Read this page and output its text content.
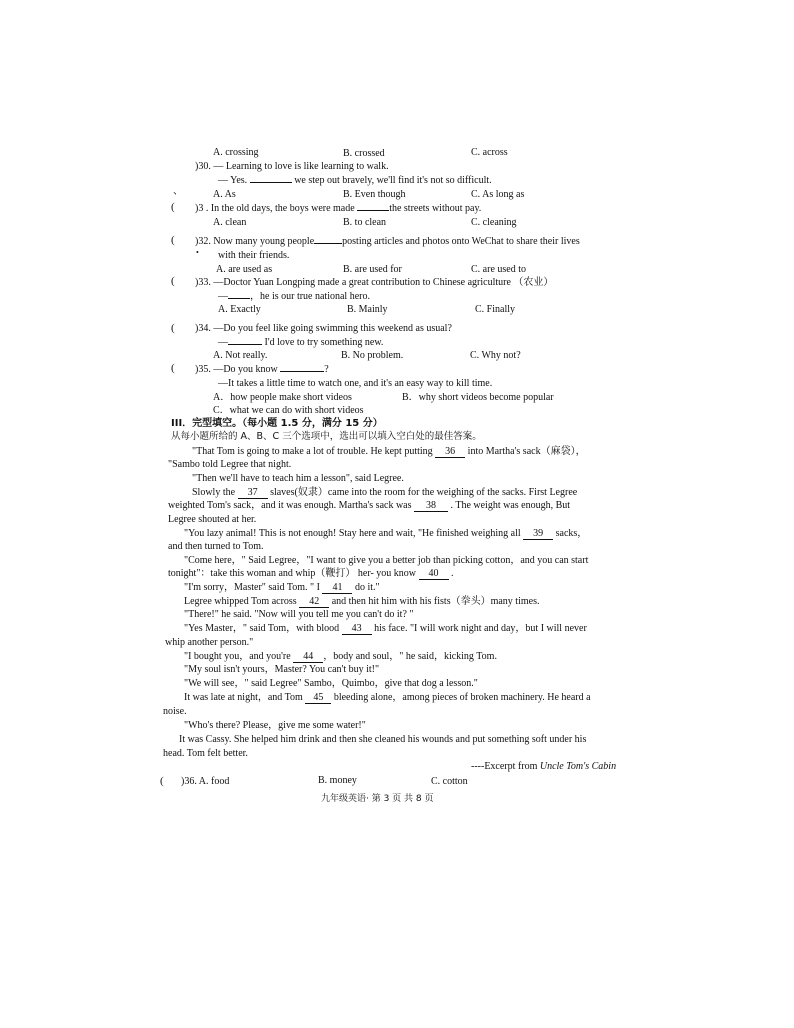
A. crossing	B. crossed	C. across
)30. — Learning to love is like learning to walk.
— Yes.	we step out bravely, we'll find it's not so difficult.
、	A. As	B. Even though	C. As long as
( )3 . In the old days, the boys were made	the streets without pay.
A. clean	B. to clean	C. cleaning
( )32. Now many young people	posting articles and photos onto WeChat to share their lives
• with their friends.
A. are used as	B. are used for	C. are used to
( )33. —Doctor Yuan Longping made a great contribution to Chinese agriculture （农业）
— ，he is our true national hero.
A. Exactly	B. Mainly	C. Finally
( )34. —Do you feel like going swimming this weekend as usual?
—	I'd love to try something new.
A. Not really.	B. No problem.	C. Why not?
( )35. —Do you know	?
—It takes a little time to watch one, and it's an easy way to kill time.
A．how people make short videos	B．why short videos become popular
C．what we can do with short videos
III．完型填空。（每小题 1.5 分，满分 15 分）
从每小题所给的 A、B、C 三个选项中，选出可以填入空白处的最佳答案。
"That Tom is going to make a lot of trouble. He kept putting 36 into Martha's sack（麻袋），
"Sambo told Legree that night.
"Then we'll have to teach him a lesson", said Legree.
Slowly the 37 slaves(奴隶）came into the room for the weighing of the sacks. First Legree
weighted Tom's sack，and it was enough. Martha's sack was 38 . The weight was enough, But
Legree shouted at her.
"You lazy animal! This is not enough! Stay here and wait, "He finished weighing all 39 sacks，
and then turned to Tom.
"Come here，" Said Legree，"I want to give you a better job than picking cotton，and you can start
tonight"：take this woman and whip（鞭打） her- you know 40 .
"I'm sorry，Master" said Tom. " I 41 do it."
Legree whipped Tom across 42 and then hit him with his fists（拳头）many times.
"There!" he said. "Now will you tell me you can't do it? "
"Yes Master，" said Tom，with blood 43 his face. "I will work night and day，but I will never
whip another person."
"I bought you，and you're 44 ，body and soul，" he said，kicking Tom.
"My soul isn't yours，Master? You can't buy it!"
"We will see，" said Legree" Sambo，Quimbo，give that dog a lesson."
It was late at night，and Tom 45 bleeding alone，among pieces of broken machinery. He heard a
noise.
"Who's there? Please，give me some water!"
It was Cassy. She helped him drink and then she cleaned his wounds and put something soft under his
head. Tom felt better.
----Excerpt from Uncle Tom's Cabin
( )36. A. food	B. money	C. cotton
九年级英语· 第 3 页 共 8 页
